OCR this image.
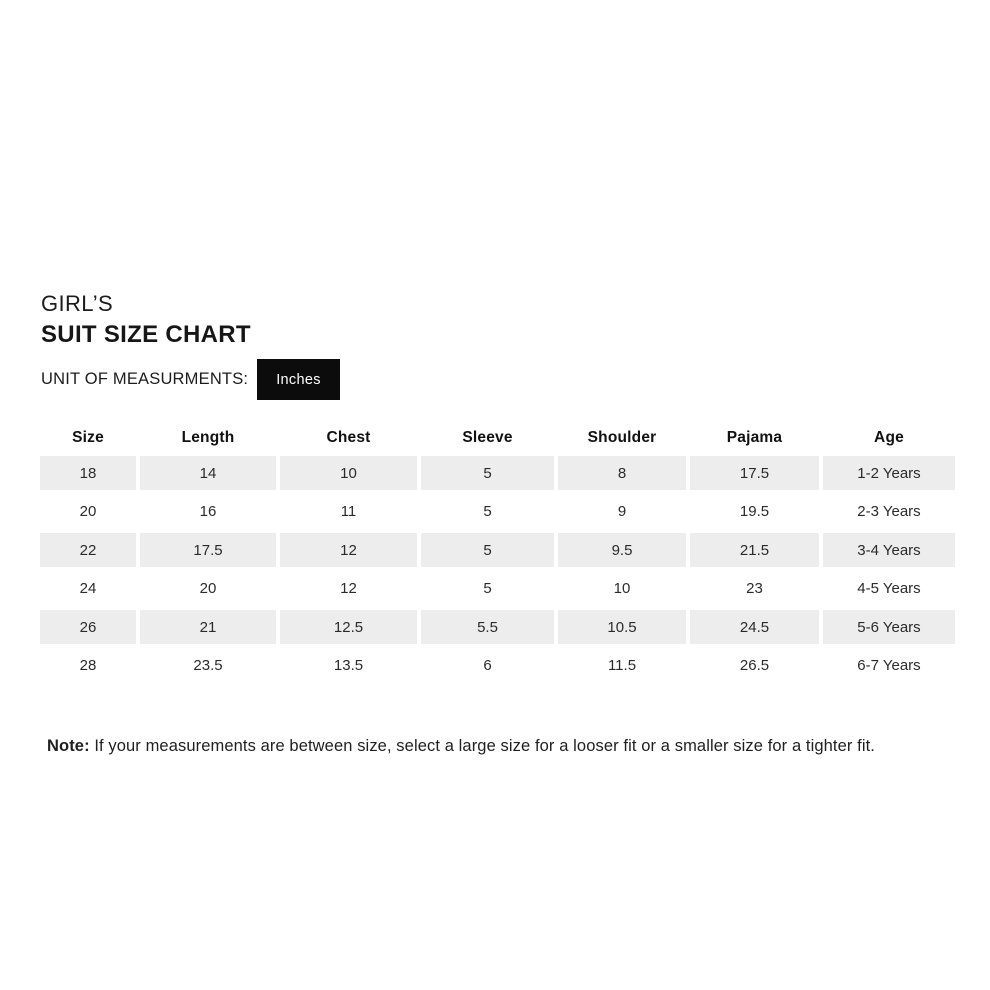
GIRL’S
SUIT SIZE CHART
UNIT OF MEASURMENTS:	Inches
Size	Length	Chest	Sleeve	Shoulder	Pajama	Age
18	14	10	5	8	17.5	1-2 Years
20	16	11	5	9	19.5	2-3 Years
22	17.5	12	5	9.5	21.5	3-4 Years
24	20	12	5	10	23	4-5 Years
26	21	12.5	5.5	10.5	24.5	5-6 Years
28	23.5	13.5	6	11.5	26.5	6-7 Years
Note: If your measurements are between size, select a large size for a looser fit or a smaller size for a tighter fit.
